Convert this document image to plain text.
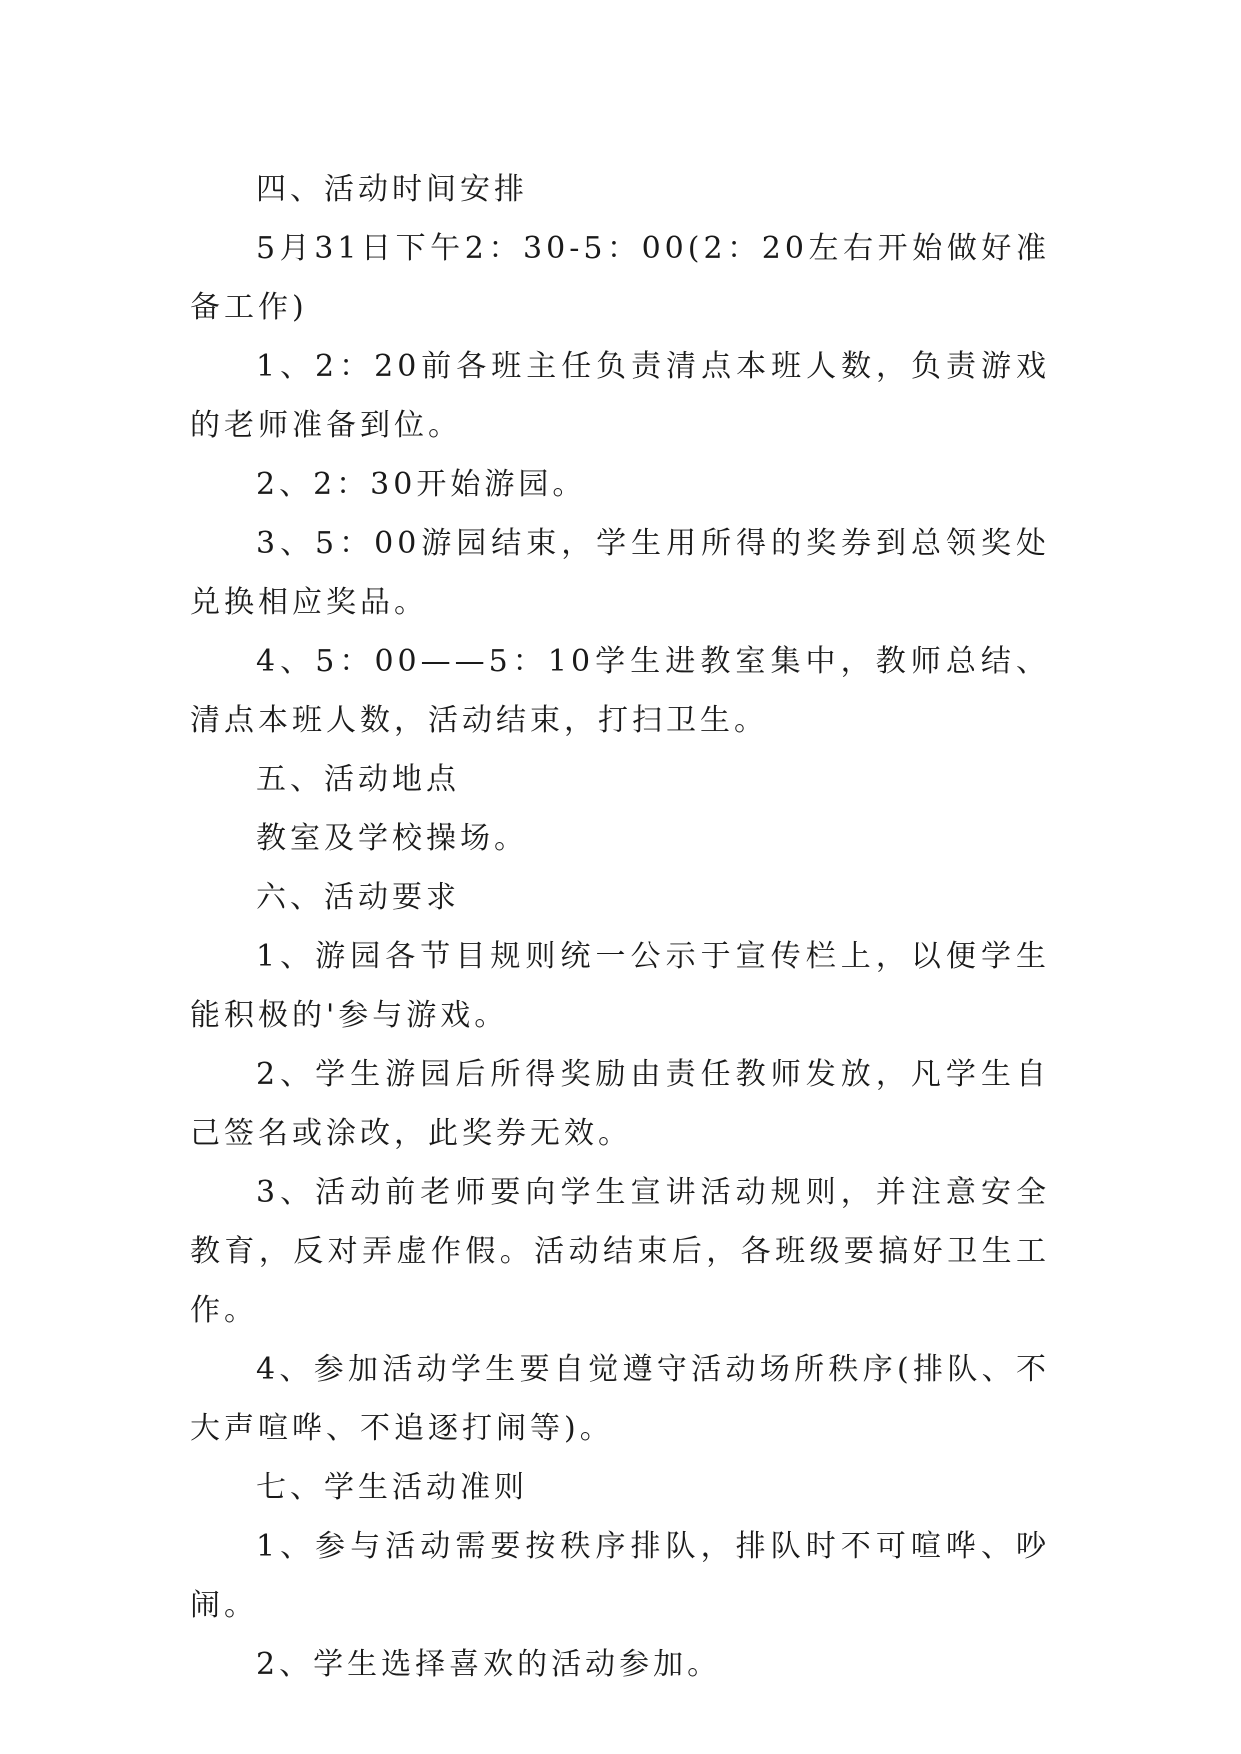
四、活动时间安排

5月31日下午2：30-5：00(2：20左右开始做好准备工作)

1、2：20前各班主任负责清点本班人数，负责游戏的老师准备到位。

2、2：30开始游园。

3、5：00游园结束，学生用所得的奖券到总领奖处兑换相应奖品。

4、5：00——5：10学生进教室集中，教师总结、清点本班人数，活动结束，打扫卫生。

五、活动地点

教室及学校操场。

六、活动要求

1、游园各节目规则统一公示于宣传栏上，以便学生能积极的'参与游戏。

2、学生游园后所得奖励由责任教师发放，凡学生自己签名或涂改，此奖券无效。

3、活动前老师要向学生宣讲活动规则，并注意安全教育，反对弄虚作假。活动结束后，各班级要搞好卫生工作。

4、参加活动学生要自觉遵守活动场所秩序(排队、不大声喧哗、不追逐打闹等)。

七、学生活动准则

1、参与活动需要按秩序排队，排队时不可喧哗、吵闹。

2、学生选择喜欢的活动参加。
